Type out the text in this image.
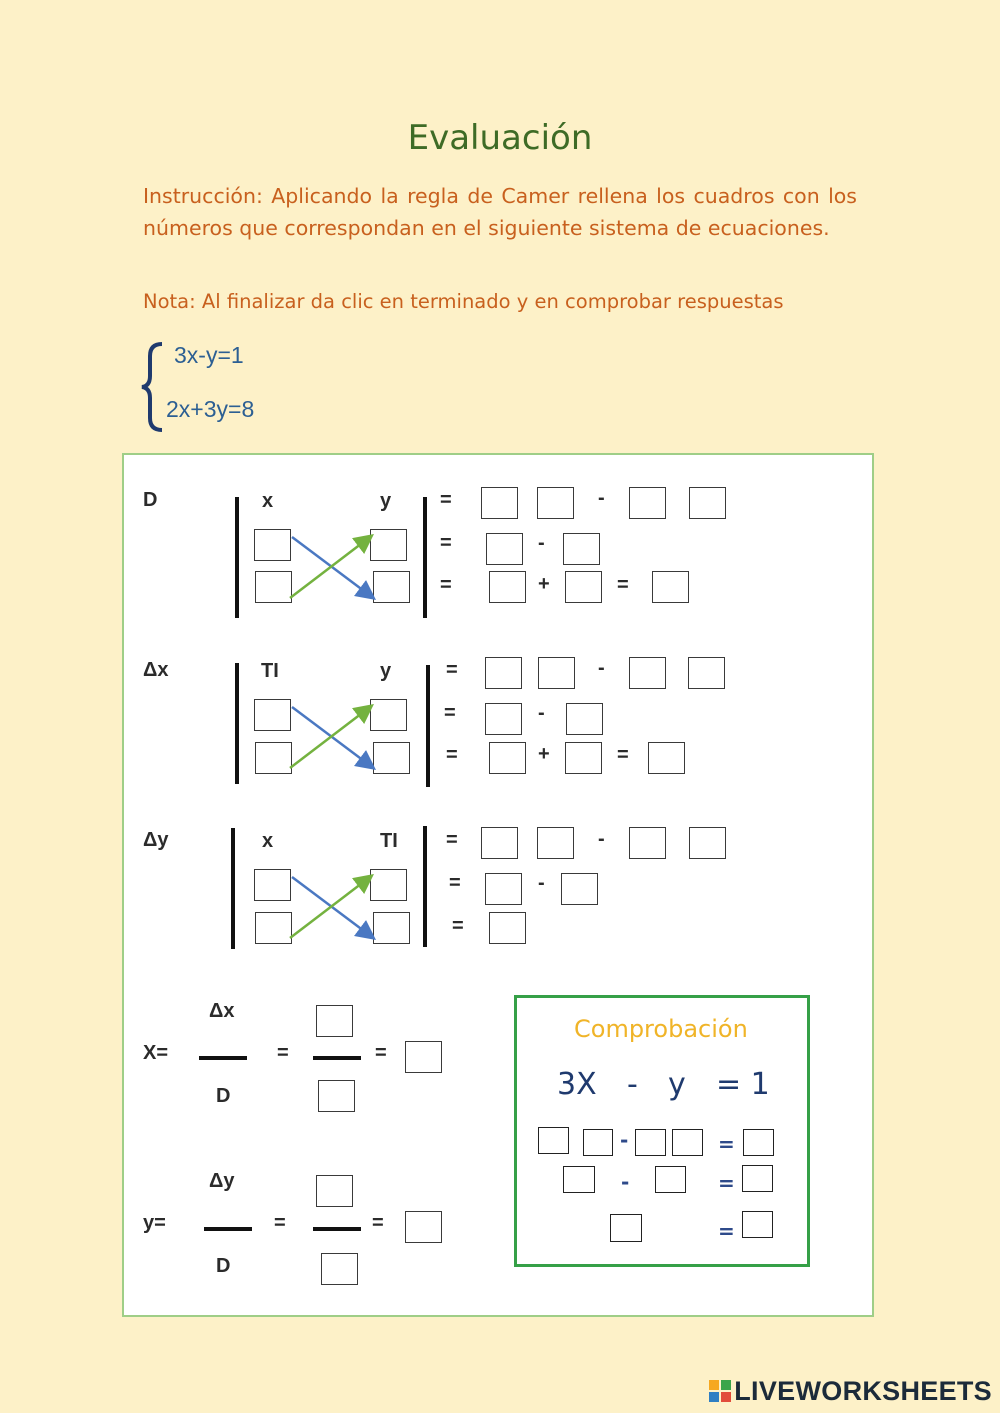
Evaluación
Instrucción: Aplicando la regla de Camer rellena los cuadros con los números que correspondan en el siguiente sistema de ecuaciones.
Nota: Al finalizar da clic en terminado y en comprobar respuestas
3x-y=1
2x+3y=8
D	x	y =	-
=	-
=	+	=
Δx	TI	y	=	-
=	-
=	+	=
Δy	x	TI =	-
=	-
=
X=
Δx
D
=	=
y=
Δy
D
=	=
Comprobación
3X - y = 1
-	=
-	=
=
LIVEWORKSHEETS
